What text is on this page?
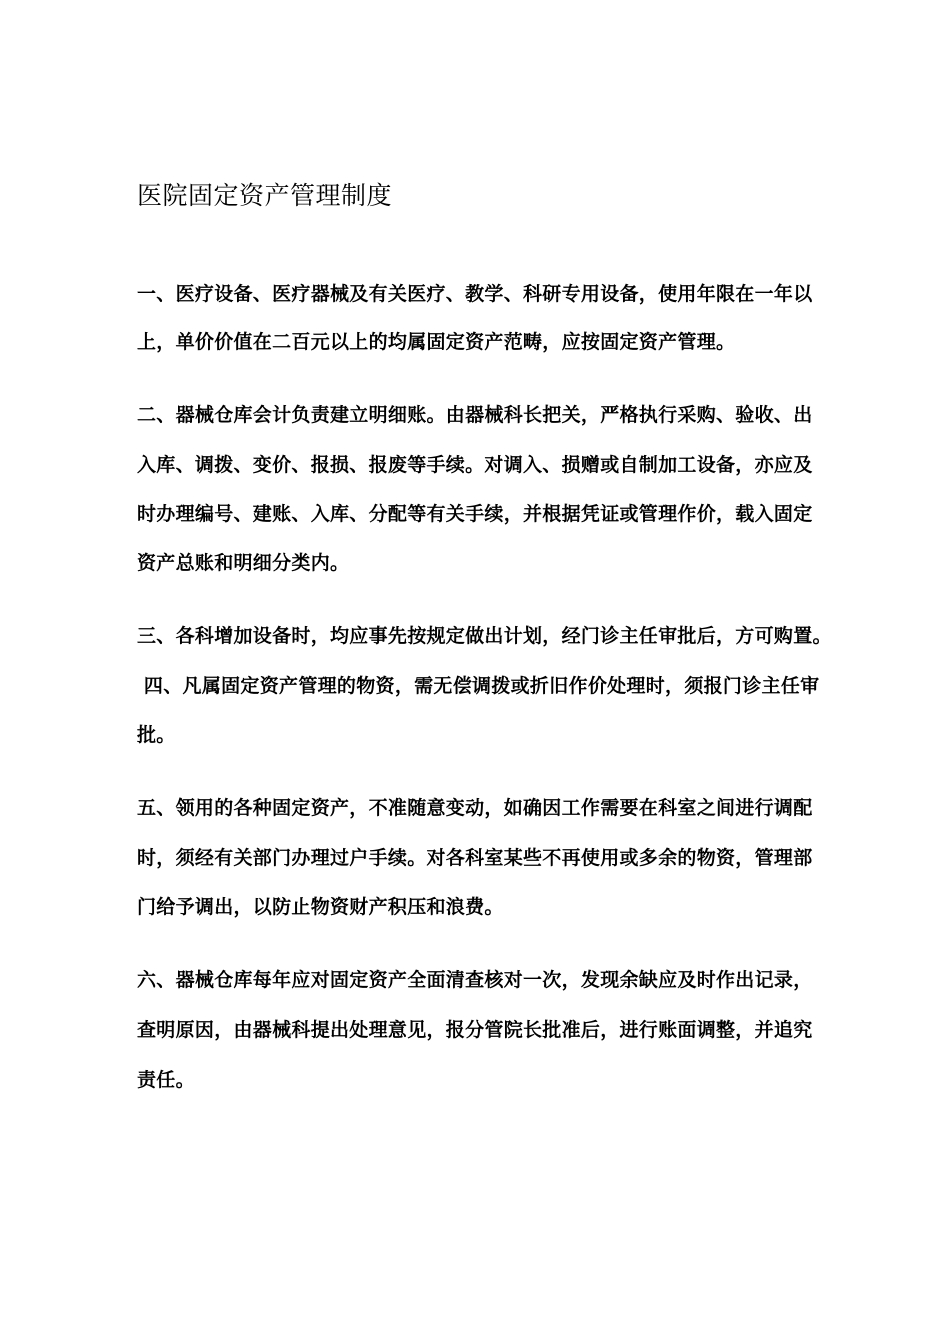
医院固定资产管理制度
一、医疗设备、医疗器械及有关医疗、教学、科研专用设备，使用年限在一年以
上，单价价值在二百元以上的均属固定资产范畴，应按固定资产管理。
二、器械仓库会计负责建立明细账。由器械科长把关，严格执行采购、验收、出
入库、调拨、变价、报损、报废等手续。对调入、损赠或自制加工设备，亦应及
时办理编号、建账、入库、分配等有关手续，并根据凭证或管理作价，载入固定
资产总账和明细分类内。
三、各科增加设备时，均应事先按规定做出计划，经门诊主任审批后，方可购置。
四、凡属固定资产管理的物资，需无偿调拨或折旧作价处理时，须报门诊主任审
批。
五、领用的各种固定资产，不准随意变动，如确因工作需要在科室之间进行调配
时，须经有关部门办理过户手续。对各科室某些不再使用或多余的物资，管理部
门给予调出，以防止物资财产积压和浪费。
六、器械仓库每年应对固定资产全面清查核对一次，发现余缺应及时作出记录，
查明原因，由器械科提出处理意见，报分管院长批准后，进行账面调整，并追究
责任。
